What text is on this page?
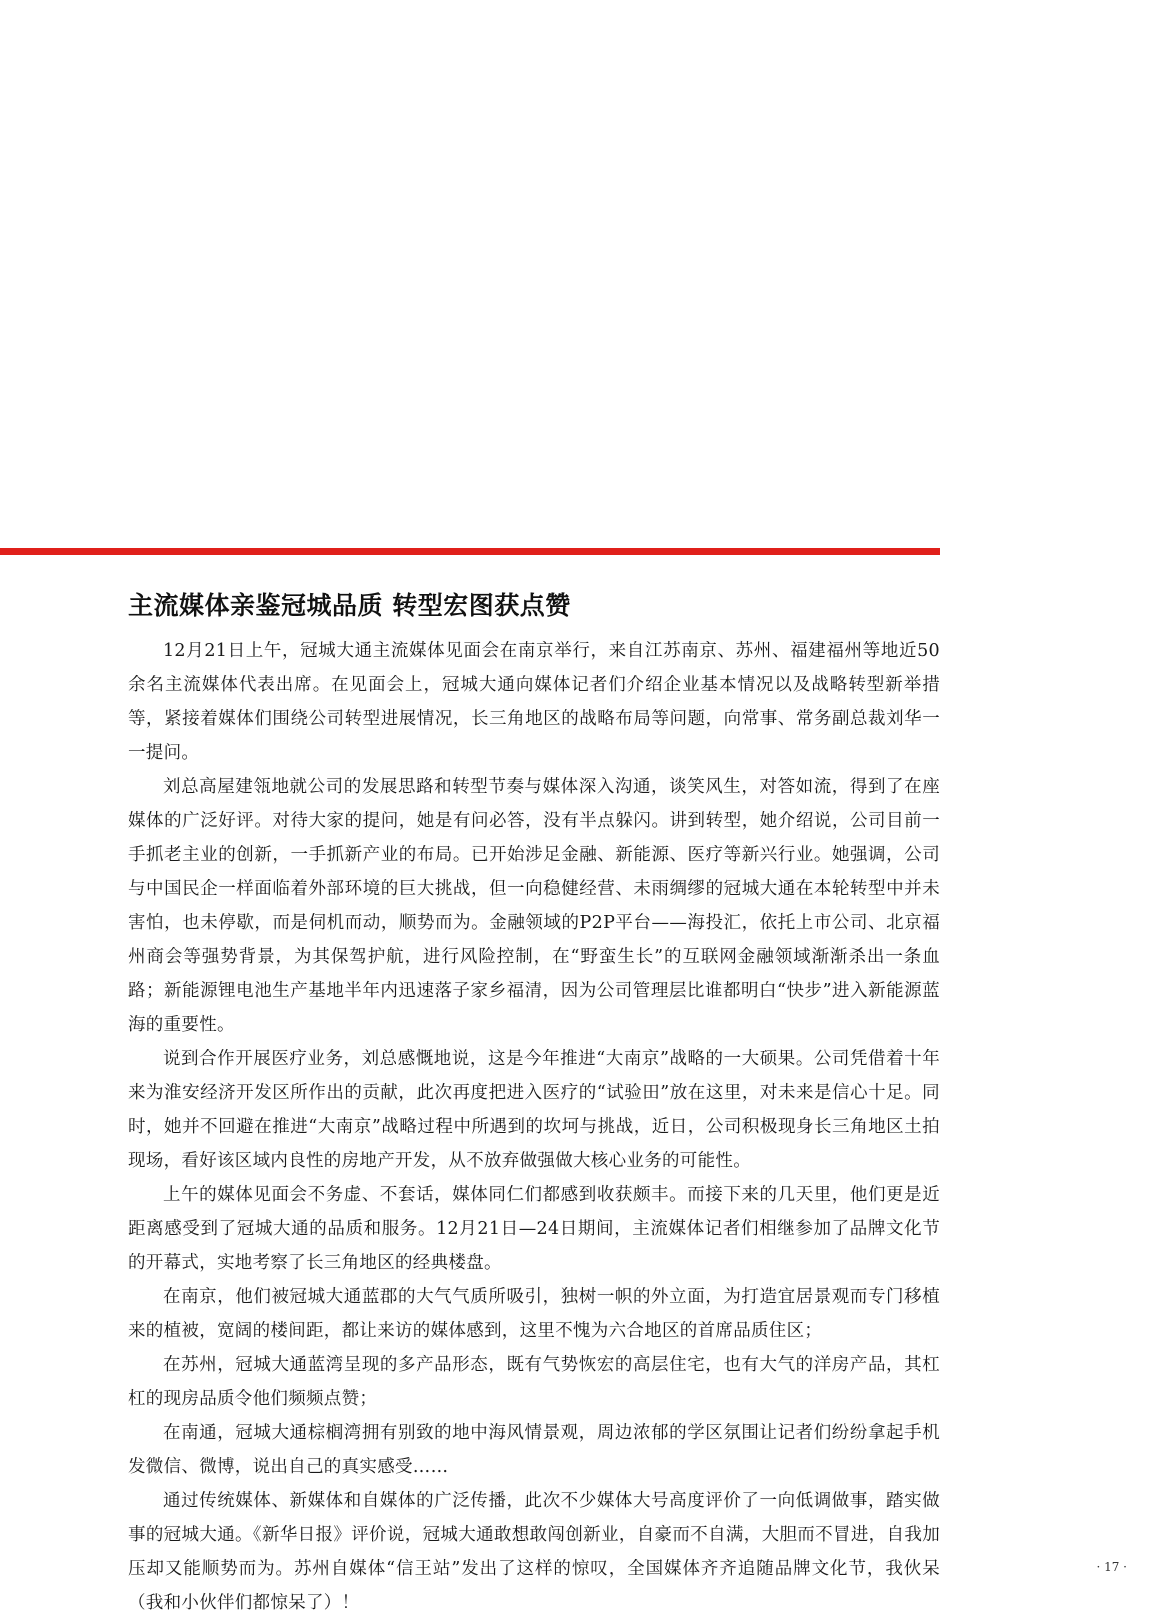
主流媒体亲鉴冠城品质 转型宏图获点赞

12月21日上午，冠城大通主流媒体见面会在南京举行，来自江苏南京、苏州、福建福州等地近50余名主流媒体代表出席。在见面会上，冠城大通向媒体记者们介绍企业基本情况以及战略转型新举措等，紧接着媒体们围绕公司转型进展情况，长三角地区的战略布局等问题，向常事、常务副总裁刘华一一提问。

刘总高屋建瓴地就公司的发展思路和转型节奏与媒体深入沟通，谈笑风生，对答如流，得到了在座媒体的广泛好评。对待大家的提问，她是有问必答，没有半点躲闪。讲到转型，她介绍说，公司目前一手抓老主业的创新，一手抓新产业的布局。已开始涉足金融、新能源、医疗等新兴行业。她强调，公司与中国民企一样面临着外部环境的巨大挑战，但一向稳健经营、未雨绸缪的冠城大通在本轮转型中并未害怕，也未停歇，而是伺机而动，顺势而为。金融领域的P2P平台——海投汇，依托上市公司、北京福州商会等强势背景，为其保驾护航，进行风险控制，在“野蛮生长”的互联网金融领域渐渐杀出一条血路；新能源锂电池生产基地半年内迅速落子家乡福清，因为公司管理层比谁都明白“快步”进入新能源蓝海的重要性。

说到合作开展医疗业务，刘总感慨地说，这是今年推进“大南京”战略的一大硕果。公司凭借着十年来为淮安经济开发区所作出的贡献，此次再度把进入医疗的“试验田”放在这里，对未来是信心十足。同时，她并不回避在推进“大南京”战略过程中所遇到的坎坷与挑战，近日，公司积极现身长三角地区土拍现场，看好该区域内良性的房地产开发，从不放弃做强做大核心业务的可能性。

上午的媒体见面会不务虚、不套话，媒体同仁们都感到收获颇丰。而接下来的几天里，他们更是近距离感受到了冠城大通的品质和服务。12月21日—24日期间，主流媒体记者们相继参加了品牌文化节的开幕式，实地考察了长三角地区的经典楼盘。

在南京，他们被冠城大通蓝郡的大气气质所吸引，独树一帜的外立面，为打造宜居景观而专门移植来的植被，宽阔的楼间距，都让来访的媒体感到，这里不愧为六合地区的首席品质住区；

在苏州，冠城大通蓝湾呈现的多产品形态，既有气势恢宏的高层住宅，也有大气的洋房产品，其杠杠的现房品质令他们频频点赞；

在南通，冠城大通棕榈湾拥有别致的地中海风情景观，周边浓郁的学区氛围让记者们纷纷拿起手机发微信、微博，说出自己的真实感受……

通过传统媒体、新媒体和自媒体的广泛传播，此次不少媒体大号高度评价了一向低调做事，踏实做事的冠城大通。《新华日报》评价说，冠城大通敢想敢闯创新业，自豪而不自满，大胆而不冒进，自我加压却又能顺势而为。苏州自媒体“信王站”发出了这样的惊叹，全国媒体齐齐追随品牌文化节，我伙呆（我和小伙伴们都惊呆了）！

· 17 ·
